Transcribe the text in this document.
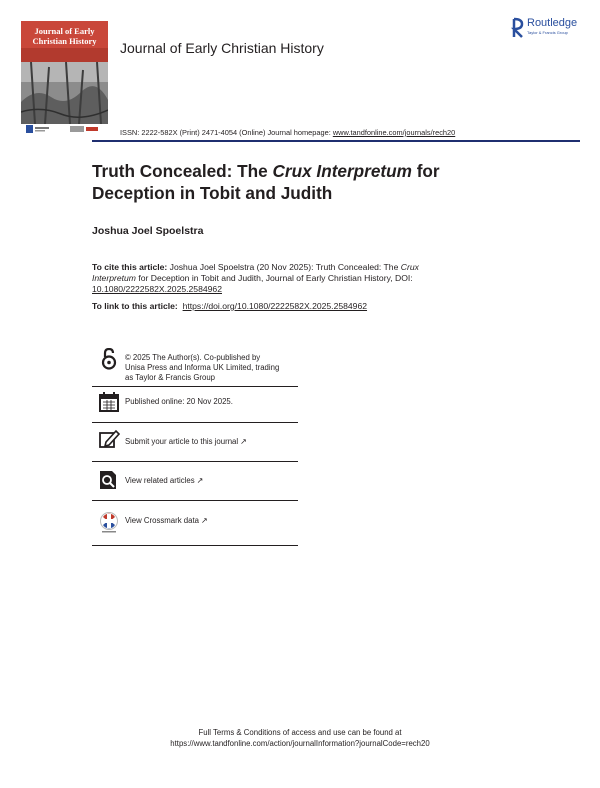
Journal of Early
Christian History	Journal of Early Christian History
Routledge
Taylor & Francis Group
ISSN: 2222-582X (Print) 2471-4054 (Online) Journal homepage: www.tandfonline.com/journals/rech20
Truth Concealed: The Crux Interpretum for
Deception in Tobit and Judith
Joshua Joel Spoelstra
To cite this article: Joshua Joel Spoelstra (20 Nov 2025): Truth Concealed: The Crux
Interpretum for Deception in Tobit and Judith, Journal of Early Christian History, DOI:
10.1080/2222582X.2025.2584962
To link to this article: https://doi.org/10.1080/2222582X.2025.2584962
© 2025 The Author(s). Co-published by
Unisa Press and Informa UK Limited, trading
as Taylor & Francis Group
Published online: 20 Nov 2025.
Submit your article to this journal ↗
View related articles ↗
View Crossmark data ↗
Full Terms & Conditions of access and use can be found at
https://www.tandfonline.com/action/journalInformation?journalCode=rech20
